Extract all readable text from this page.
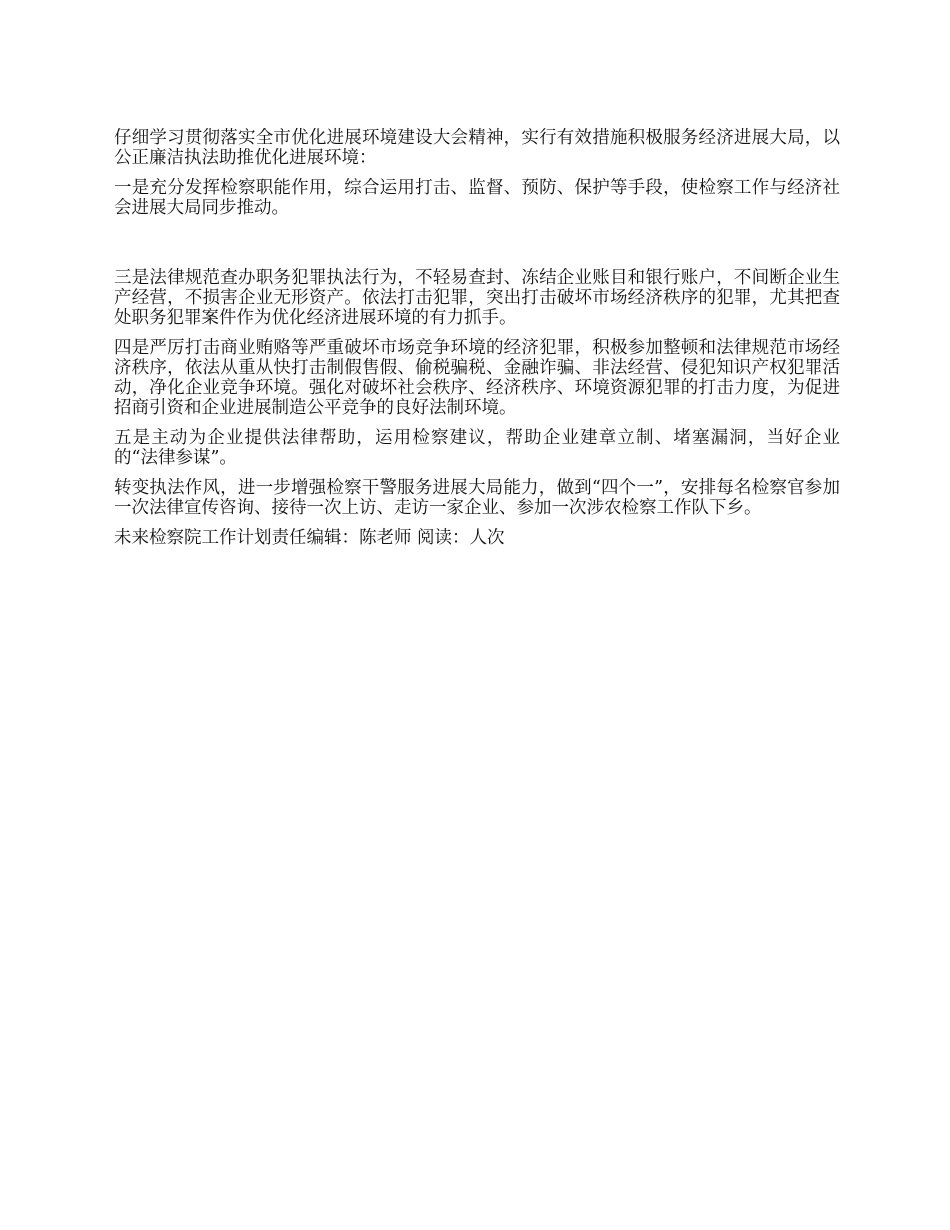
仔细学习贯彻落实全市优化进展环境建设大会精神，实行有效措施积极服务经济进展大局，以公正廉洁执法助推优化进展环境：

一是充分发挥检察职能作用，综合运用打击、监督、预防、保护等手段，使检察工作与经济社会进展大局同步推动。

三是法律规范查办职务犯罪执法行为，不轻易查封、冻结企业账目和银行账户，不间断企业生产经营，不损害企业无形资产。依法打击犯罪，突出打击破坏市场经济秩序的犯罪，尤其把查处职务犯罪案件作为优化经济进展环境的有力抓手。

四是严厉打击商业贿赂等严重破坏市场竞争环境的经济犯罪，积极参加整顿和法律规范市场经济秩序，依法从重从快打击制假售假、偷税骗税、金融诈骗、非法经营、侵犯知识产权犯罪活动，净化企业竞争环境。强化对破坏社会秩序、经济秩序、环境资源犯罪的打击力度，为促进招商引资和企业进展制造公平竞争的良好法制环境。

五是主动为企业提供法律帮助，运用检察建议，帮助企业建章立制、堵塞漏洞，当好企业的“法律参谋”。

转变执法作风，进一步增强检察干警服务进展大局能力，做到“四个一”，安排每名检察官参加一次法律宣传咨询、接待一次上访、走访一家企业、参加一次涉农检察工作队下乡。

未来检察院工作计划责任编辑：陈老师 阅读：人次
